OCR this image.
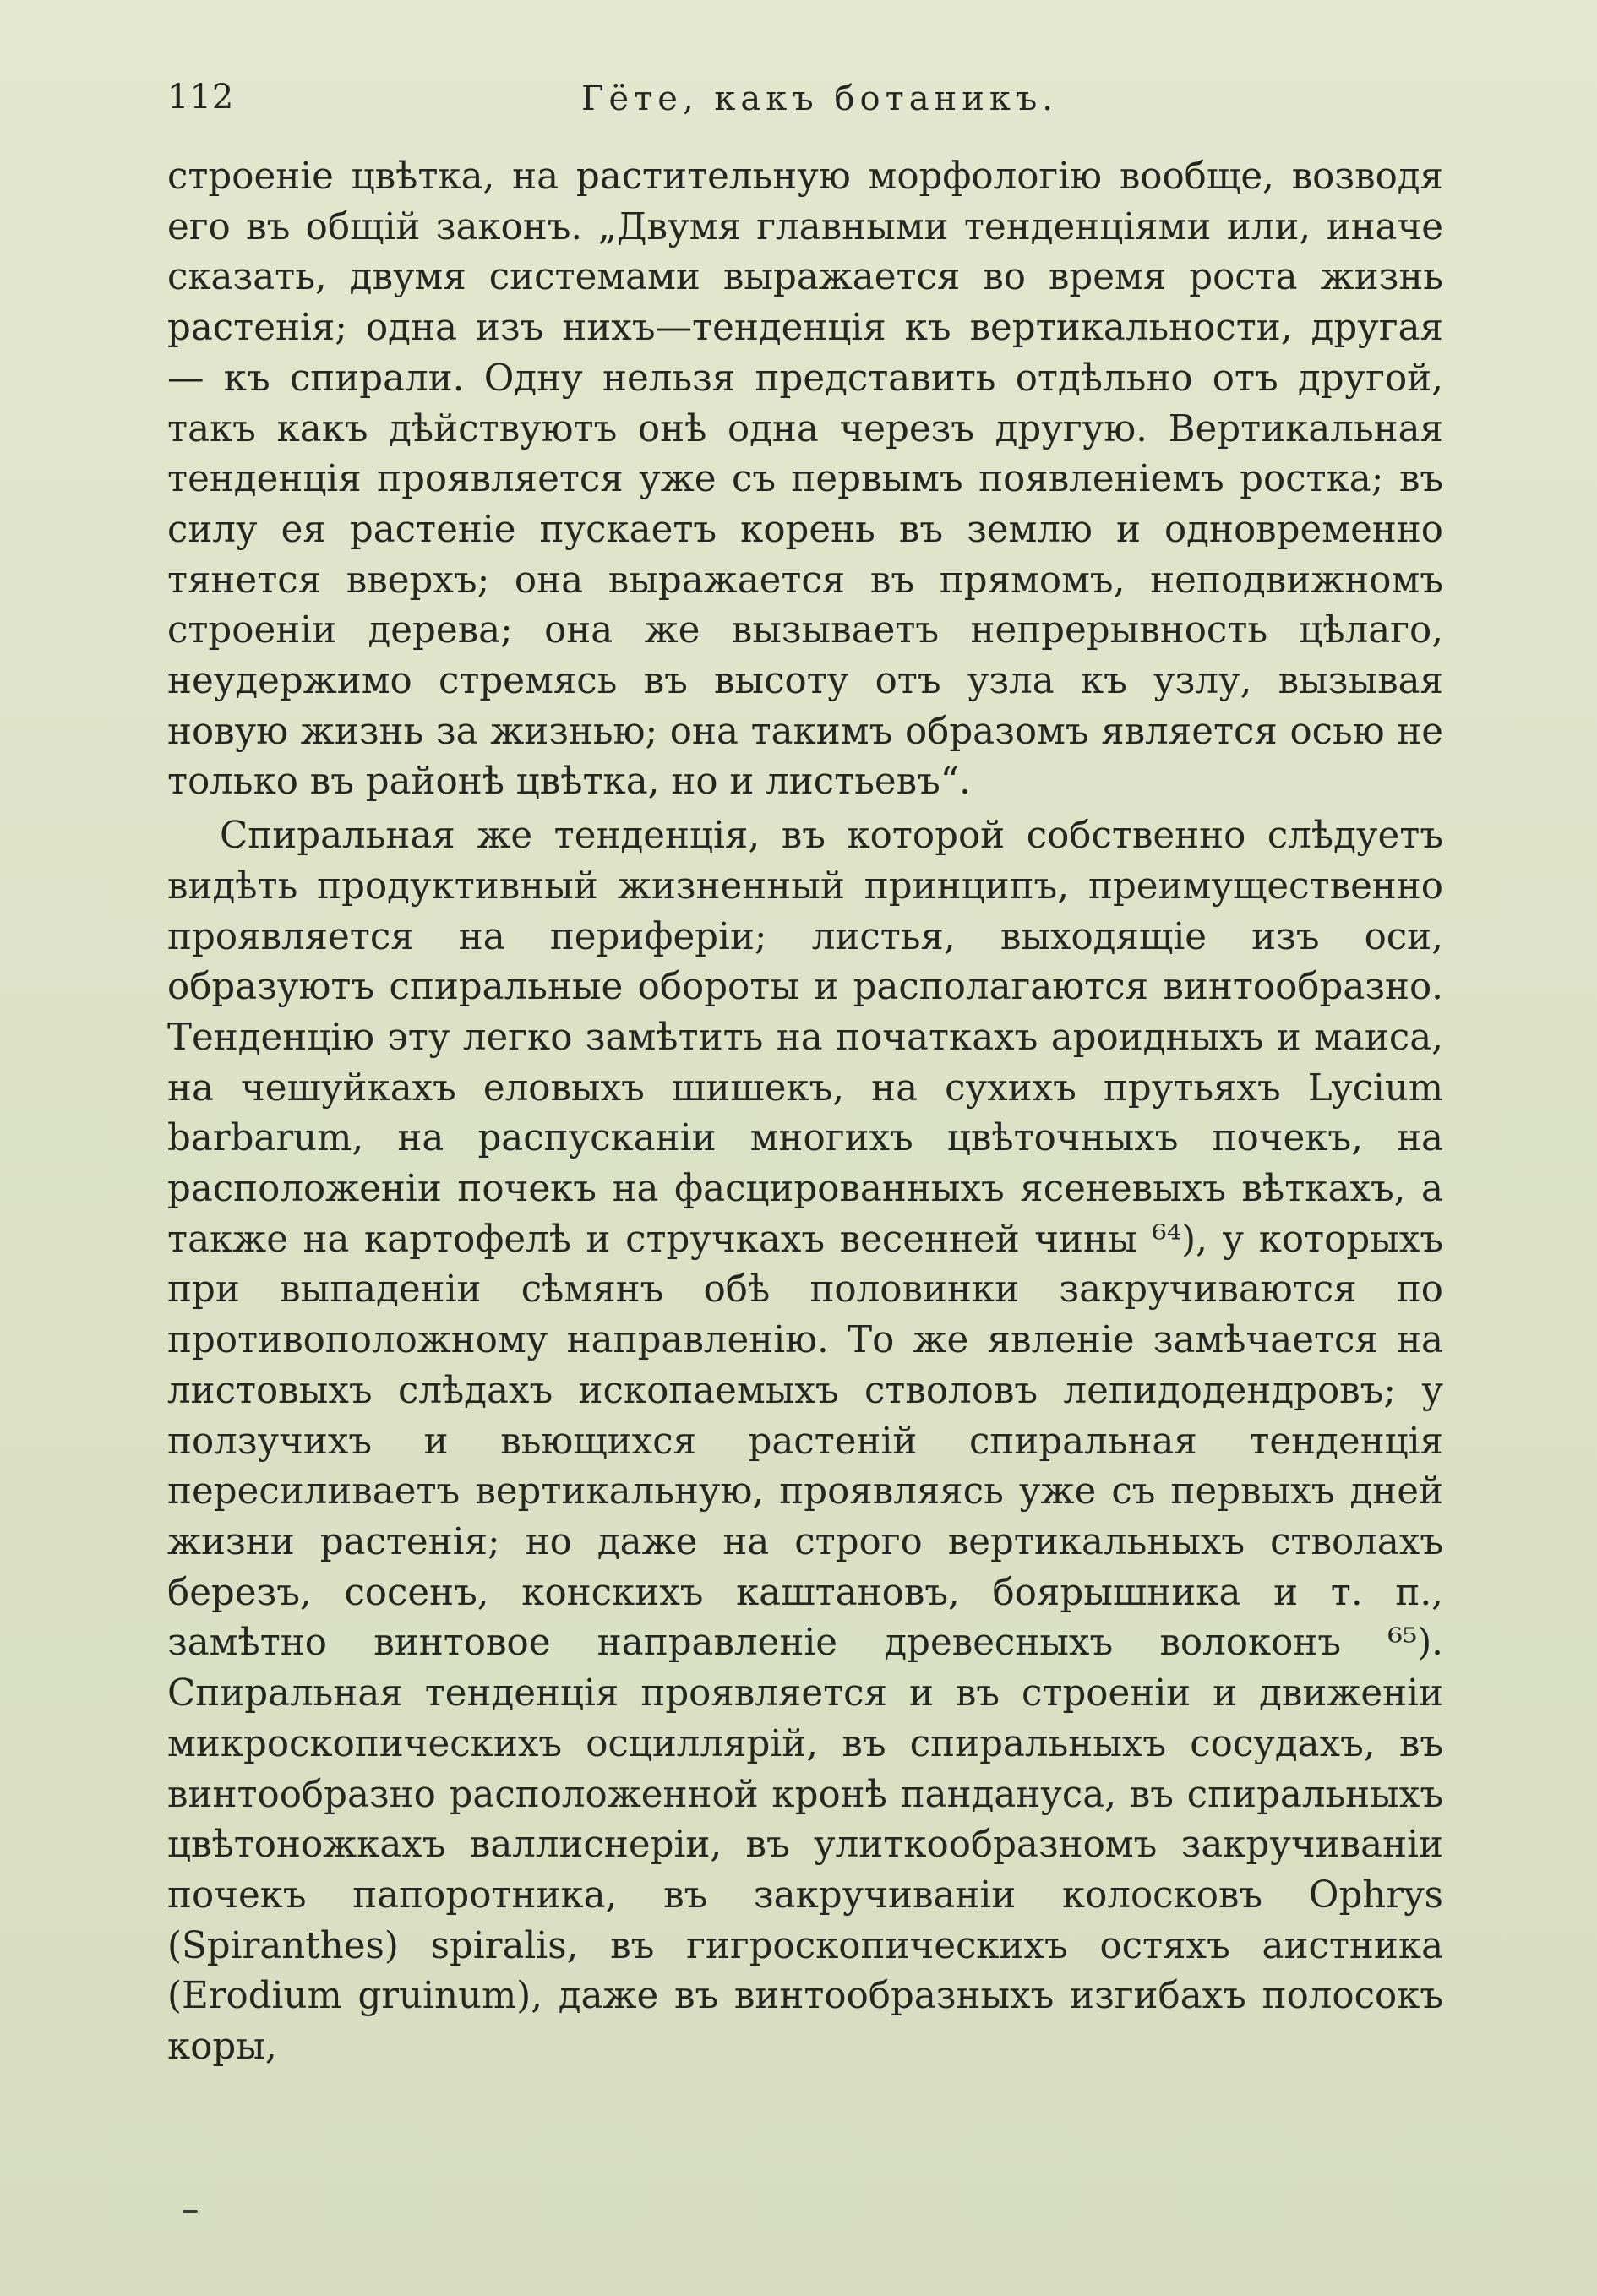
112	Гёте, какъ ботаникъ.

строеніе цвѣтка, на растительную морфологію вообще, возводя его въ общій законъ. „Двумя главными тенденціями или, иначе сказать, двумя системами выражается во время роста жизнь растенія; одна изъ нихъ—тенденція къ вертикальности, другая — къ спирали. Одну нельзя представить отдѣльно отъ другой, такъ какъ дѣйствуютъ онѣ одна черезъ другую. Вертикальная тенденція проявляется уже съ первымъ появленіемъ ростка; въ силу ея растеніе пускаетъ корень въ землю и одновременно тянется вверхъ; она выражается въ прямомъ, неподвижномъ строеніи дерева; она же вызываетъ непрерывность цѣлаго, неудержимо стремясь въ высоту отъ узла къ узлу, вызывая новую жизнь за жизнью; она такимъ образомъ является осью не только въ районѣ цвѣтка, но и листьевъ“.

Спиральная же тенденція, въ которой собственно слѣдуетъ видѣть продуктивный жизненный принципъ, преимущественно проявляется на периферіи; листья, выходящіе изъ оси, образуютъ спиральные обороты и располагаются винтообразно. Тенденцію эту легко замѣтить на початкахъ ароидныхъ и маиса, на чешуйкахъ еловыхъ шишекъ, на сухихъ прутьяхъ Lycium barbarum, на распусканіи многихъ цвѣточныхъ почекъ, на расположеніи почекъ на фасцированныхъ ясеневыхъ вѣткахъ, а также на картофелѣ и стручкахъ весенней чины ⁶⁴), у которыхъ при выпаденіи сѣмянъ обѣ половинки закручиваются по противоположному направленію. То же явленіе замѣчается на листовыхъ слѣдахъ ископаемыхъ стволовъ лепидодендровъ; у ползучихъ и вьющихся растеній спиральная тенденція пересиливаетъ вертикальную, проявляясь уже съ первыхъ дней жизни растенія; но даже на строго вертикальныхъ стволахъ березъ, сосенъ, конскихъ каштановъ, боярышника и т. п., замѣтно винтовое направленіе древесныхъ волоконъ ⁶⁵). Спиральная тенденція проявляется и въ строеніи и движеніи микроскопическихъ осциллярій, въ спиральныхъ сосудахъ, въ винтообразно расположенной кронѣ пандануса, въ спиральныхъ цвѣтоножкахъ валлиснеріи, въ улиткообразномъ закручиваніи почекъ папоротника, въ закручиваніи колосковъ Ophrys (Spiranthes) spiralis, въ гигроскопическихъ остяхъ аистника (Erodium gruinum), даже въ винтообразныхъ изгибахъ полосокъ коры,
